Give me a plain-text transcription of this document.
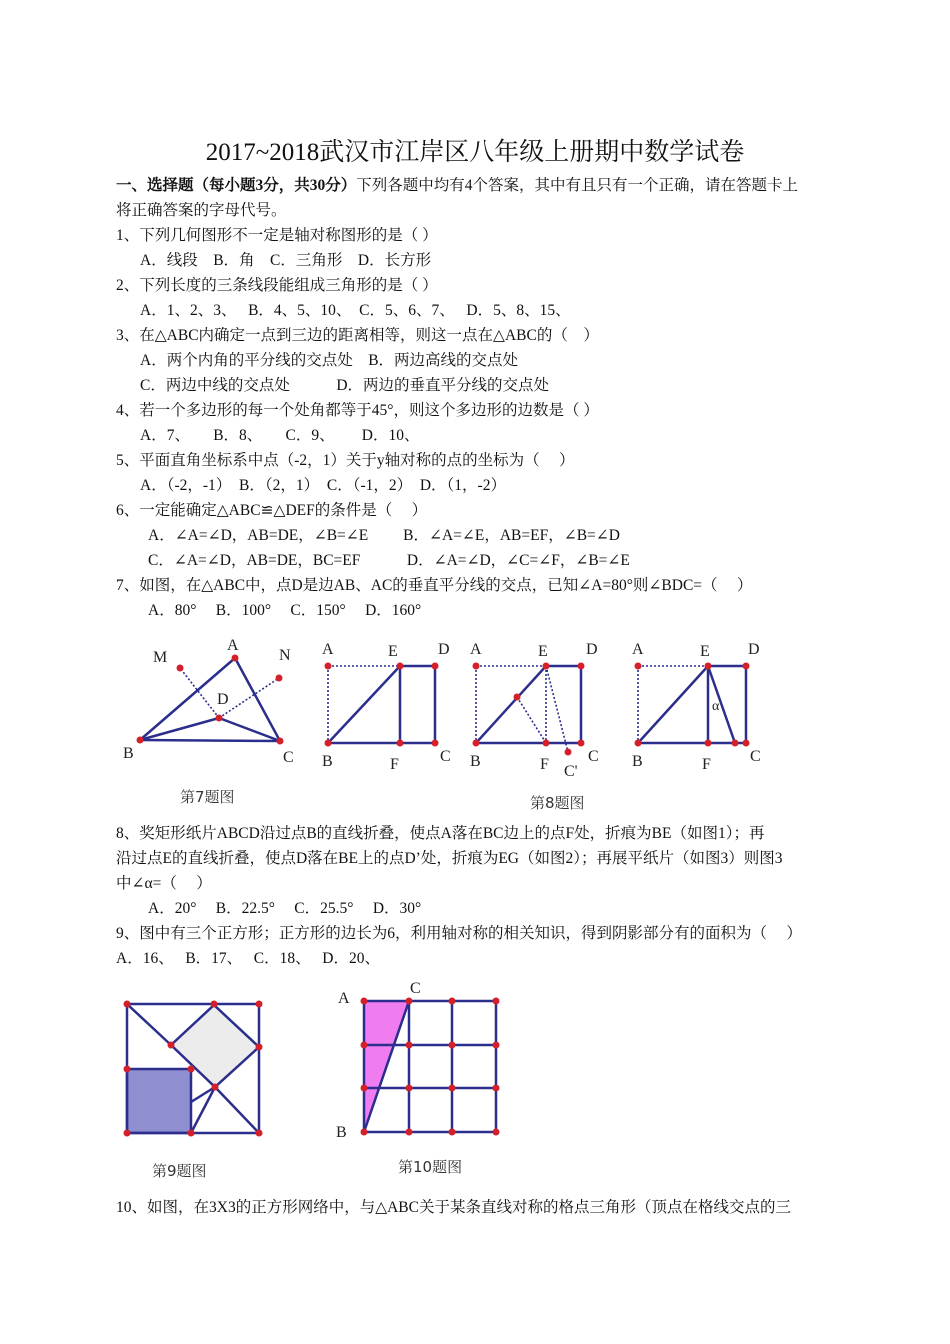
2017~2018武汉市江岸区八年级上册期中数学试卷
一、选择题（每小题3分，共30分）下列各题中均有4个答案，其中有且只有一个正确，请在答题卡上
将正确答案的字母代号。
1、下列几何图形不一定是轴对称图形的是（ ）
A．线段　B．角　C．三角形　D．长方形
2、下列长度的三条线段能组成三角形的是（ ）
A．1、2、3、　 B．4、5、10、　C．5、6、7、　 D．5、8、15、
3、在△ABC内确定一点到三边的距离相等，则这一点在△ABC的（　）
A．两个内角的平分线的交点处　B．两边高线的交点处
C．两边中线的交点处　　　D．两边的垂直平分线的交点处
4、若一个多边形的每一个处角都等于45°，则这个多边形的边数是（ ）
A．7、　　B．8、　　C．9、　　 D．10、
5、平面直角坐标系中点（-2，1）关于y轴对称的点的坐标为（　 ）
A．（-2，-1）　B．（2，1）　C．（-1，2）　D．（1，-2）
6、一定能确定△ABC≌△DEF的条件是（　 ）
A．∠A=∠D，AB=DE，∠B=∠E　　 B．∠A=∠E，AB=EF，∠B=∠D
C．∠A=∠D，AB=DE，BC=EF　　　D．∠A=∠D，∠C=∠F，∠B=∠E
7、如图，在△ABC中，点D是边AB、AC的垂直平分线的交点，已知∠A=80°则∠BDC=（　 ）
A．80°　 B．100°　 C．150°　 D．160°
M
A
N
D
B	C
第7题图
A	E	D
B	F	C
A	E D
B	F C
C'
A	E D
B	F C
α
第8题图
8、奖矩形纸片ABCD沿过点B的直线折叠，使点A落在BC边上的点F处，折痕为BE（如图1）；再
沿过点E的直线折叠，使点D落在BE上的点D’处，折痕为EG（如图2）；再展平纸片（如图3）则图3
中∠α=（　 ）
A．20°　 B．22.5°　 C．25.5°　 D．30°
9、图中有三个正方形；正方形的边长为6，利用轴对称的相关知识，得到阴影部分有的面积为（　 ）
A．16、　 B．17、　 C．18、　 D．20、
第9题图
A
C
B
第10题图
10、如图，在3X3的正方形网络中，与△ABC关于某条直线对称的格点三角形（顶点在格线交点的三
